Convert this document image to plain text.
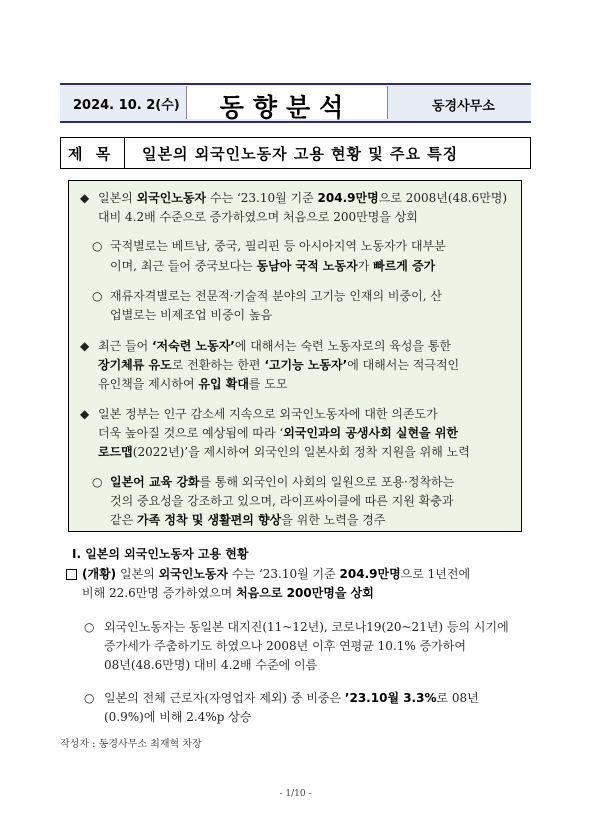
2024. 10. 2(수)	동향분석	동경사무소
제 목 일본의 외국인노동자 고용 현황 및 주요 특징
◆ 일본의 외국인노동자 수는 ‘23.10월 기준 204.9만명으로 2008년(48.6만명)
대비 4.2배 수준으로 증가하였으며 처음으로 200만명을 상회
○ 국적별로는 베트남, 중국, 필리핀 등 아시아지역 노동자가 대부분
이며, 최근 들어 중국보다는 동남아 국적 노동자가 빠르게 증가
○ 재류자격별로는 전문적·기술적 분야의 고기능 인재의 비중이, 산
업별로는 비제조업 비중이 높음
◆ 최근 들어 ‘저숙련 노동자’에 대해서는 숙련 노동자로의 육성을 통한
장기체류 유도로 전환하는 한편 ‘고기능 노동자’에 대해서는 적극적인
유인책을 제시하여 유입 확대를 도모
◆ 일본 정부는 인구 감소세 지속으로 외국인노동자에 대한 의존도가
더욱 높아질 것으로 예상됨에 따라 ‘외국인과의 공생사회 실현을 위한
로드맵(2022년)’을 제시하여 외국인의 일본사회 정착 지원을 위해 노력
○ 일본어 교육 강화를 통해 외국인이 사회의 일원으로 포용·정착하는
것의 중요성을 강조하고 있으며, 라이프싸이클에 따른 지원 확충과
같은 가족 정착 및 생활편의 향상을 위한 노력을 경주
Ⅰ. 일본의 외국인노동자 고용 현황
(개황) 일본의 외국인노동자 수는 ‘23.10월 기준 204.9만명으로 1년전에
비해 22.6만명 증가하였으며 처음으로 200만명을 상회
○ 외국인노동자는 동일본 대지진(11~12년), 코로나19(20~21년) 등의 시기에
증가세가 주춤하기도 하였으나 2008년 이후 연평균 10.1% 증가하여
08년(48.6만명) 대비 4.2배 수준에 이름
○ 일본의 전체 근로자(자영업자 제외) 중 비중은 ’23.10월 3.3%로 08년
(0.9%)에 비해 2.4%p 상승
작성자 : 동경사무소 최재혁 차장
- 1/10 -
